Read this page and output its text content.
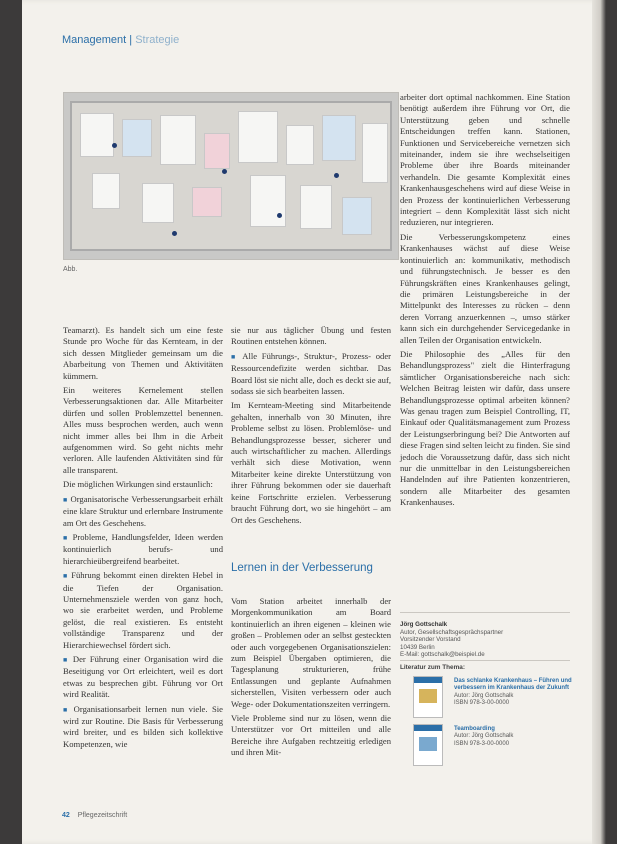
Management | Strategie
Abb.

Teamarzt). Es handelt sich um eine feste Stunde pro Woche für das Kernteam, in der sich dessen Mitglieder gemeinsam um die Abarbeitung von Themen und Aktivitäten kümmern.

Ein weiteres Kernelement stellen Verbesserungsaktionen dar. Alle Mitarbeiter dürfen und sollen Problemzettel benennen. Alles muss besprochen werden, auch wenn nicht immer alles bei Ihm in die Arbeit aufgenommen wird. So geht nichts mehr verloren. Alle laufenden Aktivitäten sind für alle transparent.

Die möglichen Wirkungen sind erstaunlich:

■ Organisatorische Verbesserungsarbeit erhält eine klare Struktur und erlernbare Instrumente am Ort des Geschehens.
■ Probleme, Handlungsfelder, Ideen werden kontinuierlich berufs- und hierarchieübergreifend bearbeitet.
■ Führung bekommt einen direkten Hebel in die Tiefen der Organisation. Unternehmensziele werden von ganz hoch, wo sie erarbeitet werden, und Probleme gelöst, die real existieren. Es entsteht vollständige Transparenz und der Hierarchiewechsel fördert sich.
■ Der Führung einer Organisation wird die Beseitigung vor Ort erleichtert, weil es dort etwas zu besprechen gibt. Führung vor Ort wird Realität.
■ Organisationsarbeit lernen nun viele. Sie wird zur Routine. Die Basis für Verbesserung wird breiter, und es bilden sich kollektive Kompetenzen, wie

sie nur aus täglicher Übung und festen Routinen entstehen können.

■ Alle Führungs-, Struktur-, Prozess- oder Ressourcendefizite werden sichtbar. Das Board löst sie nicht alle, doch es deckt sie auf, sodass sie sich bearbeiten lassen.

Im Kernteam-Meeting sind Mitarbeitende gehalten, innerhalb von 30 Minuten, ihre Probleme selbst zu lösen. Problemlöse- und Behandlungsprozesse besser, sicherer und auch wirtschaftlicher zu machen. Allerdings verhält sich diese Motivation, wenn Mitarbeiter keine direkte Unterstützung von ihrer Führung bekommen oder sie dauerhaft keine Fortschritte erzielen. Verbesserung braucht Führung dort, wo sie hingehört – am Ort des Geschehens.

Lernen in der Verbesserung

Vom Station arbeitet innerhalb der Morgenkommunikation am Board kontinuierlich an ihren eigenen – kleinen wie großen – Problemen oder an selbst gesteckten oder auch vorgegebenen Organisationszielen: zum Beispiel Übergaben optimieren, die Tagesplanung strukturieren, frühe Entlassungen und geplante Aufnahmen sicherstellen, Visiten verbessern oder auch Wege- oder Dokumentationszeiten verringern.

Viele Probleme sind nur zu lösen, wenn die Unterstützer vor Ort mitteilen und alle Bereiche ihre Aufgaben rechtzeitig erledigen und ihren Mit-

arbeiter dort optimal nachkommen. Eine Station benötigt außerdem ihre Führung vor Ort, die Unterstützung geben und schnelle Entscheidungen treffen kann. Stationen, Funktionen und Servicebereiche vernetzen sich miteinander, indem sie ihre wechselseitigen Probleme über ihre Boards miteinander verhandeln. Die gesamte Komplexität eines Krankenhausgeschehens wird auf diese Weise in den Prozess der kontinuierlichen Verbesserung integriert – denn Komplexität lässt sich nicht reduzieren, nur integrieren.

Die Verbesserungskompetenz eines Krankenhauses wächst auf diese Weise kontinuierlich an: kommunikativ, methodisch und führungstechnisch. Je besser es den Führungskräften eines Krankenhauses gelingt, die primären Leistungsbereiche in der Mittelpunkt des Interesses zu rücken – denn deren Vorrang anzuerkennen –, umso stärker kann sich ein durchgehender Servicegedanke in allen Teilen der Organisation entwickeln.

Die Philosophie des „Alles für den Behandlungsprozess" zielt die Hinterfragung sämtlicher Organisationsbereiche nach sich: Welchen Beitrag leisten wir dafür, dass unsere Behandlungsprozesse optimal arbeiten können? Was genau tragen zum Beispiel Controlling, IT, Einkauf oder Qualitätsmanagement zum Prozess der Leistungserbringung bei? Die Antworten auf diese Fragen sind selten leicht zu finden. Sie sind jedoch die Voraussetzung dafür, dass sich nicht nur die unmittelbar in den Leistungsbereichen Handelnden auf ihre Patienten konzentrieren, sondern alle Mitarbeiter des gesamten Krankenhauses.

Jörg Gottschalk
Autor, Gesellschaftsgesprächspartner
Vorsitzender Vorstand
10439 Berlin
E-Mail: gottschalk@beispiel.de
Literatur zum Thema:
Das schlanke Krankenhaus – Führen und verbessern im Krankenhaus der Zukunft
Autor: Jörg Gottschalk
ISBN 978-3-00-0000
Teamboarding
Autor: Jörg Gottschalk
ISBN 978-3-00-0000
42 Pflegezeitschrift
